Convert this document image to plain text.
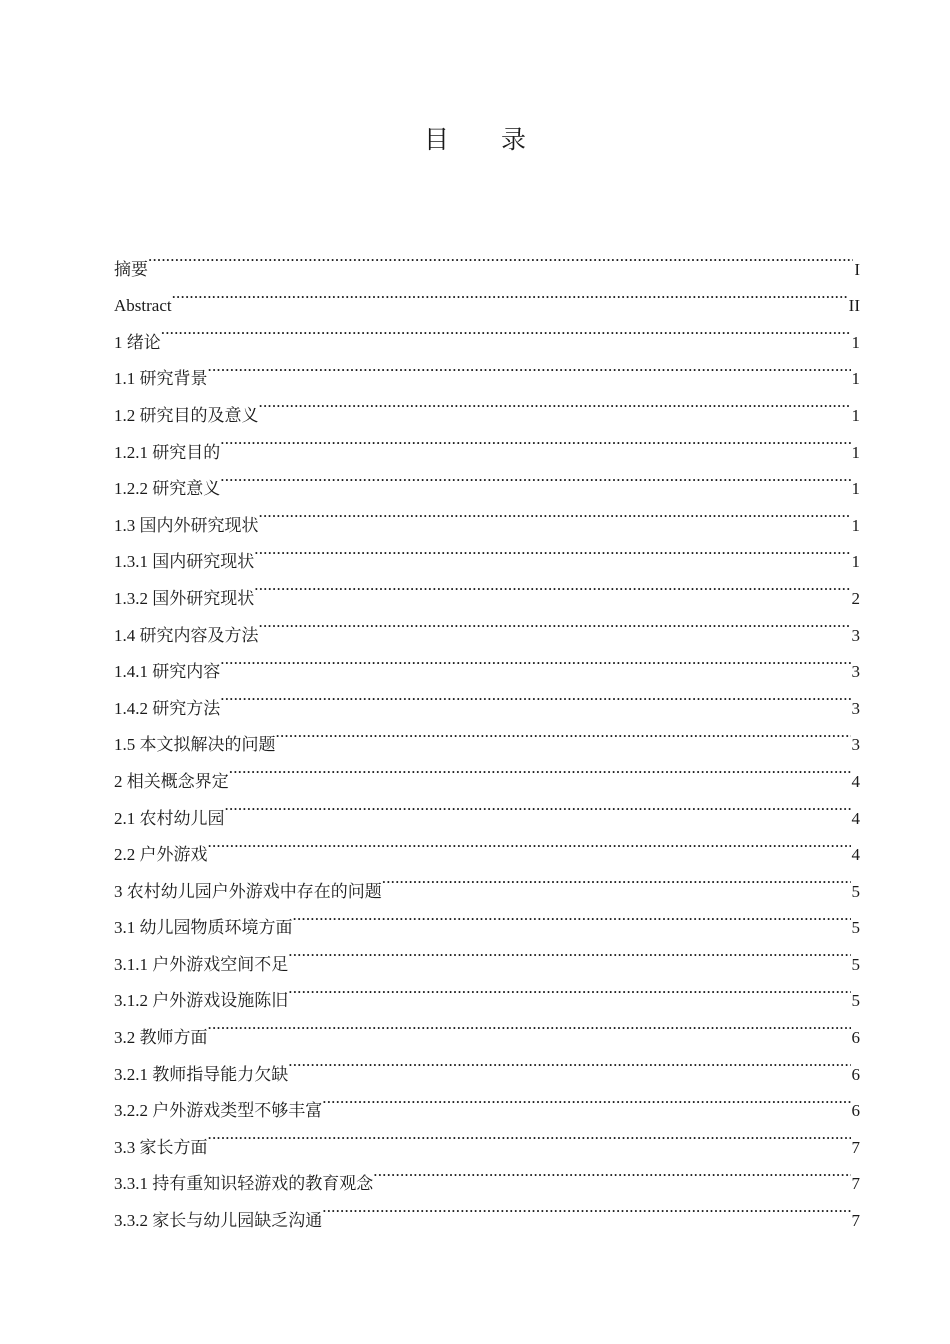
目 录
摘要 .....	I
Abstract .....	II
1 绪论 .....	1
1.1 研究背景 .....	1
1.2 研究目的及意义 .....	1
1.2.1 研究目的 .....	1
1.2.2 研究意义 .....	1
1.3 国内外研究现状 .....	1
1.3.1 国内研究现状 .....	1
1.3.2 国外研究现状 .....	2
1.4 研究内容及方法 .....	3
1.4.1 研究内容 .....	3
1.4.2 研究方法 .....	3
1.5 本文拟解决的问题 .....	3
2 相关概念界定 .....	4
2.1 农村幼儿园 .....	4
2.2 户外游戏 .....	4
3 农村幼儿园户外游戏中存在的问题 .....	5
3.1 幼儿园物质环境方面 .....	5
3.1.1 户外游戏空间不足 .....	5
3.1.2 户外游戏设施陈旧 .....	5
3.2 教师方面 .....	6
3.2.1 教师指导能力欠缺 .....	6
3.2.2 户外游戏类型不够丰富 .....	6
3.3 家长方面 .....	7
3.3.1 持有重知识轻游戏的教育观念 .....	7
3.3.2 家长与幼儿园缺乏沟通 .....	7
